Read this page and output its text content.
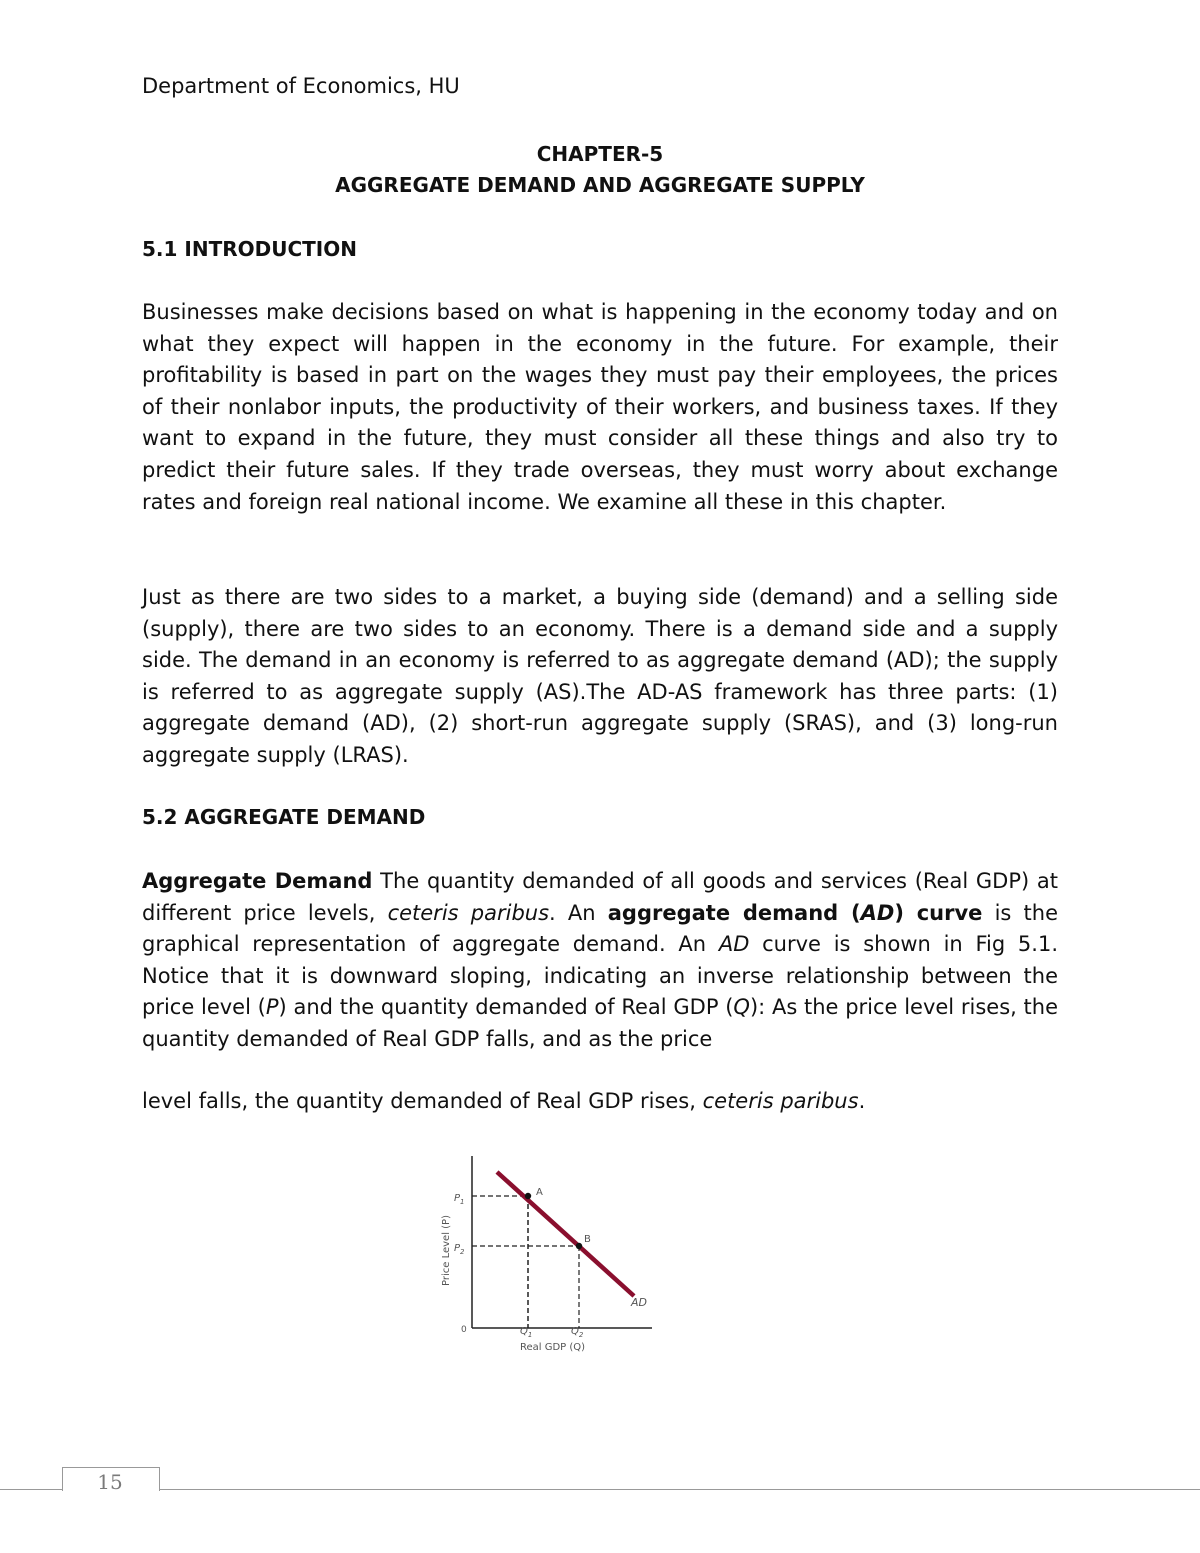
Department of Economics, HU
CHAPTER-5
AGGREGATE DEMAND AND AGGREGATE SUPPLY
5.1 INTRODUCTION

Businesses make decisions based on what is happening in the economy today and on what they expect will happen in the economy in the future. For example, their profitability is based in part on the wages they must pay their employees, the prices of their nonlabor inputs, the productivity of their workers, and business taxes. If they want to expand in the future, they must consider all these things and also try to predict their future sales. If they trade overseas, they must worry about exchange rates and foreign real national income. We examine all these in this chapter.

Just as there are two sides to a market, a buying side (demand) and a selling side (supply), there are two sides to an economy. There is a demand side and a supply side. The demand in an economy is referred to as aggregate demand (AD); the supply is referred to as aggregate supply (AS).The AD-AS framework has three parts: (1) aggregate demand (AD), (2) short-run aggregate supply (SRAS), and (3) long-run aggregate supply (LRAS).

5.2 AGGREGATE DEMAND

Aggregate Demand The quantity demanded of all goods and services (Real GDP) at different price levels, ceteris paribus. An aggregate demand (AD) curve is the graphical representation of aggregate demand. An AD curve is shown in Fig 5.1. Notice that it is downward sloping, indicating an inverse relationship between the price level (P) and the quantity demanded of Real GDP (Q): As the price level rises, the quantity demanded of Real GDP falls, and as the price

level falls, the quantity demanded of Real GDP rises, ceteris paribus.

A
B
AD
$P_1$
$P_2$
0	$Q_1$	$Q_2$
Real GDP (Q)
Price Level (P)
15
